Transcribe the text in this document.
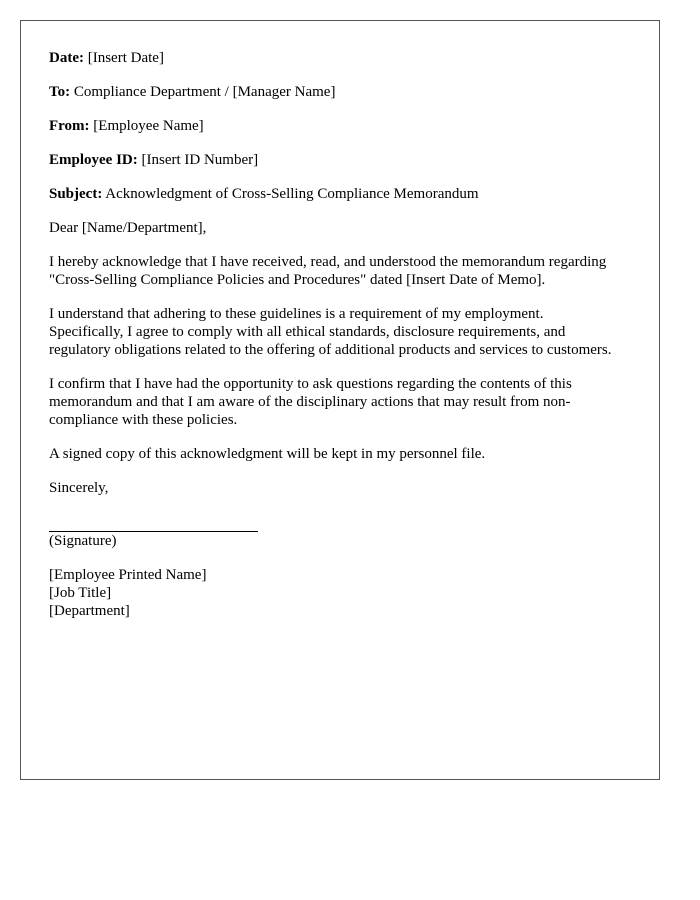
Date: [Insert Date]

To: Compliance Department / [Manager Name]

From: [Employee Name]

Employee ID: [Insert ID Number]

Subject: Acknowledgment of Cross-Selling Compliance Memorandum

Dear [Name/Department],

I hereby acknowledge that I have received, read, and understood the memorandum regarding "Cross-Selling Compliance Policies and Procedures" dated [Insert Date of Memo].

I understand that adhering to these guidelines is a requirement of my employment. Specifically, I agree to comply with all ethical standards, disclosure requirements, and regulatory obligations related to the offering of additional products and services to customers.

I confirm that I have had the opportunity to ask questions regarding the contents of this memorandum and that I am aware of the disciplinary actions that may result from non-compliance with these policies.

A signed copy of this acknowledgment will be kept in my personnel file.

Sincerely,

(Signature)

[Employee Printed Name]
[Job Title]
[Department]
